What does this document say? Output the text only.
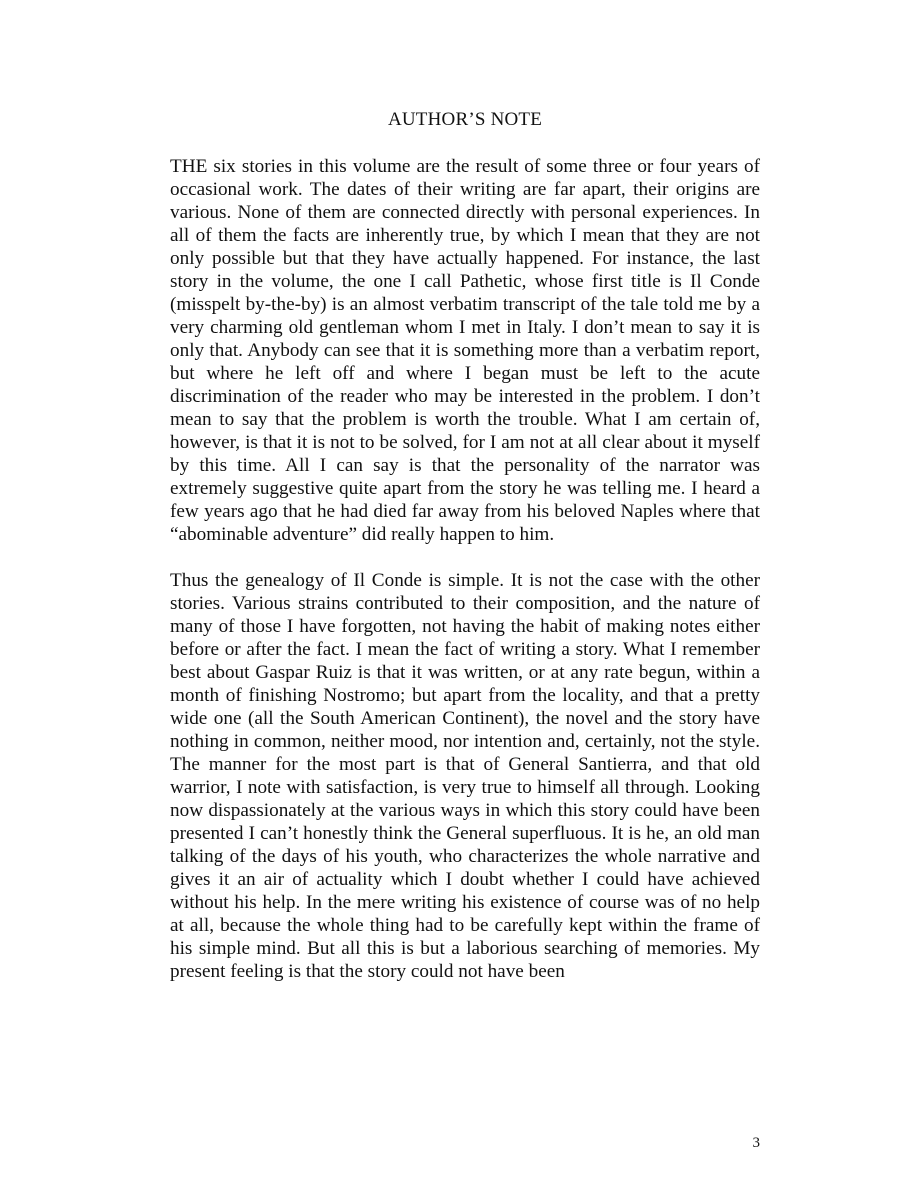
AUTHOR’S NOTE

THE six stories in this volume are the result of some three or four years of occasional work. The dates of their writing are far apart, their origins are various. None of them are connected directly with personal experiences. In all of them the facts are inherently true, by which I mean that they are not only possible but that they have actually happened. For instance, the last story in the volume, the one I call Pathetic, whose first title is Il Conde (misspelt by-the-by) is an almost verbatim transcript of the tale told me by a very charming old gentleman whom I met in Italy. I don’t mean to say it is only that. Anybody can see that it is something more than a verbatim report, but where he left off and where I began must be left to the acute discrimination of the reader who may be interested in the problem. I don’t mean to say that the problem is worth the trouble. What I am certain of, however, is that it is not to be solved, for I am not at all clear about it myself by this time. All I can say is that the personality of the narrator was extremely suggestive quite apart from the story he was telling me. I heard a few years ago that he had died far away from his beloved Naples where that “abominable adventure” did really happen to him.

Thus the genealogy of Il Conde is simple. It is not the case with the other stories. Various strains contributed to their composition, and the nature of many of those I have forgotten, not having the habit of making notes either before or after the fact. I mean the fact of writing a story. What I remember best about Gaspar Ruiz is that it was written, or at any rate begun, within a month of finishing Nostromo; but apart from the locality, and that a pretty wide one (all the South American Continent), the novel and the story have nothing in common, neither mood, nor intention and, certainly, not the style. The manner for the most part is that of General Santierra, and that old warrior, I note with satisfaction, is very true to himself all through. Looking now dispassionately at the various ways in which this story could have been presented I can’t honestly think the General superfluous. It is he, an old man talking of the days of his youth, who characterizes the whole narrative and gives it an air of actuality which I doubt whether I could have achieved without his help. In the mere writing his existence of course was of no help at all, because the whole thing had to be carefully kept within the frame of his simple mind. But all this is but a laborious searching of memories. My present feeling is that the story could not have been

3
